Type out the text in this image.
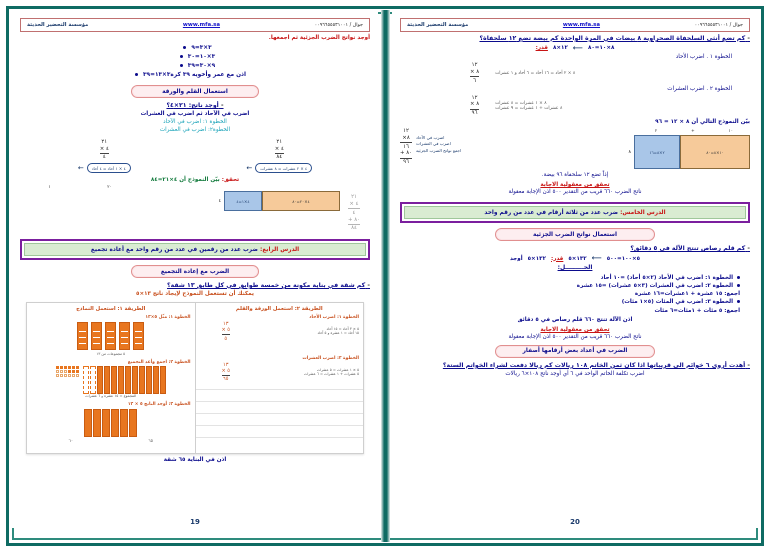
جوال / ٠٠٩٦٦٥٥٥٣١٠٠١
www.mfa.sa
مؤسسة التحضير الحديثة
- كم تضع أنثى السلحفاة الصحراوية ٨ بيضات في المرة الواحدة كم بيضة تضع ١٢ سلحفاة؟
٨×١٠=٨٠
⟵
١٢×٨
قدر:
الخطوة ١ . اضرب الأحاد
٨ × ٢ أحاد = ١٦ أحاد = ٦ أحاد و ١ عشرات
١٢
٨ ×
٦
الخطوة ٢ . اضرب العشرات
٨ × ١ عشرات = ٨ عشرات
٨ عشرات + ١ عشرات = ٩ عشرات
١٢
٨ ×
٩٦
بيّن النموذج التالي أن ٨ × ١٢ = ٩٦
١٠
+
٢
١٠×٨=٨٠
٢×٨=١٦
٨
اضرب في الآحاد
اضرب في العشرات
اجمع نواتج الضرب الجزئية
١٢
٨×
١٦
٨٠ +
٩٦
إذاً تضع ١٢ سلحفاة ٩٦ بيضة.
تحقق من معقولية الاجابة
ناتج الضرب ٦٦٠ قريب من التقدير ٥٠٠ اذن الإجابة معقولة
الدرس الخامس: ضرب عدد من ثلاثة أرقام في عدد من رقم واحد
استعمال نواتج الضرب الجزئية
- كم قلم رصاص تنتج الآلة في ٥ دقائق؟
٥×١٠٠=٥٠٠
⟵
١٣٢×٥
قدر:
١٣٢×٥
أوجد
الحـــــــــل:
الخطوة ١: اضرب في الأحاد (٢×٥ أحاد) =١٠ أحاد
الخطوة ٢: اضرب في العشرات (٣×٥ عشرات) =١٥ عشرة
اجمع: ١٥ عشرة + ١عشرات=١٦ عشرة
الخطوة ٣: اضرب في المئات (٥×١ مئات)
اجمع: ٥ مئات + ١مئات=٦ مئات
اذن الآلة تنتج ٦٦٠ قلم رصاص في ٥ دقائق
تحقق من معقولية الاجابة
ناتج الضرب ٦٦٠ قريب من التقدير ٥٠٠ اذن الإجابة معقولة
الضرب في أعداد بعض أرقامها أصفار
- أهدت أروى ٦ خوائم الى قريباتها اذا كان ثمن الخاتم ١٠٨ ريالات كم ريالا دفعت لشراء الخواتم الستة؟
اضرب تكلفة الخاتم الواحد في ٦ أي أوجد ناتج ١٠٨×٦ ريالات
20
جوال / ٠٠٩٦٦٥٥٥٣١٠٠١
www.mfa.sa
مؤسسة التحضير الحديثة
أوجد نواتج الضرب الجزئية ثم اجمعها.
٣×٣=٩
٣×١٠=٣٠
٩×٣٠=٣٩
اذن مع عمر وأخويه ٣٩ كرة٣×١٣=٣٩
استعمال القلم والورقة
- أوجد ناتج: ٢١×٤؟
اضرب في الآحاد ثم اضرب في العشرات
الخطوة ١: اضرب في الآحاد
الخطوة٢: اضرب في العشرات
٢١
٤ ×
٨٤
٤ × ٢ عشرات = ٨ عشرات
←
٢١
٤ ×
٤
٤ × ١ أحاد = ٤ أحاد
←
تحقق: بيّن النموذج أن ٤×٢١=٨٤
٢١
٤ ×
٤
٨٠ +
٨٤
٢٠
١
٤×٢٠=٨٠
٤×١=٤
٤
الدرس الرابع: ضرب عدد من رقمين في عدد من رقم واحد مع أعادة تجميع
الضرب مع إعادة التجميع
- كم شقة في بناية مكونة من خمسة طوابق في كل طابق ١٣ شقة؟
يمكنك أن تستعمل النموذج لإيجاد ناتج ١٣×٥
الطريقة ٢: استعمل الورقة والقلم
الخطوة ١: اضرب الأحاد
٥ × ٣ أحاد = ١٥ أحاد
١٥ أحاد = ١ عشرة و ٥ أحاد
١٣
٥ ×
٥
الخطوة ٢: اضرب العشرات
٥ × ١ عشرات = ٥ عشرات
٥ عشرات + ١ عشرات = ٦ عشرات
١٣
٥ ×
٦٥
الطريقة ١: استعمل النماذج
الخطوة ١: مثّل ٥×١٣
٥ مجموعات من ١٣
الخطوة ٢: اجمع وأعد التجميع
المجموع = ١٥ عشرة و ٦ عشرات
الخطوة ٣: أوجد الناتج ٥ × ١٣
٦٥
٦٠
اذن في البناية ٦٥ شقة
19
